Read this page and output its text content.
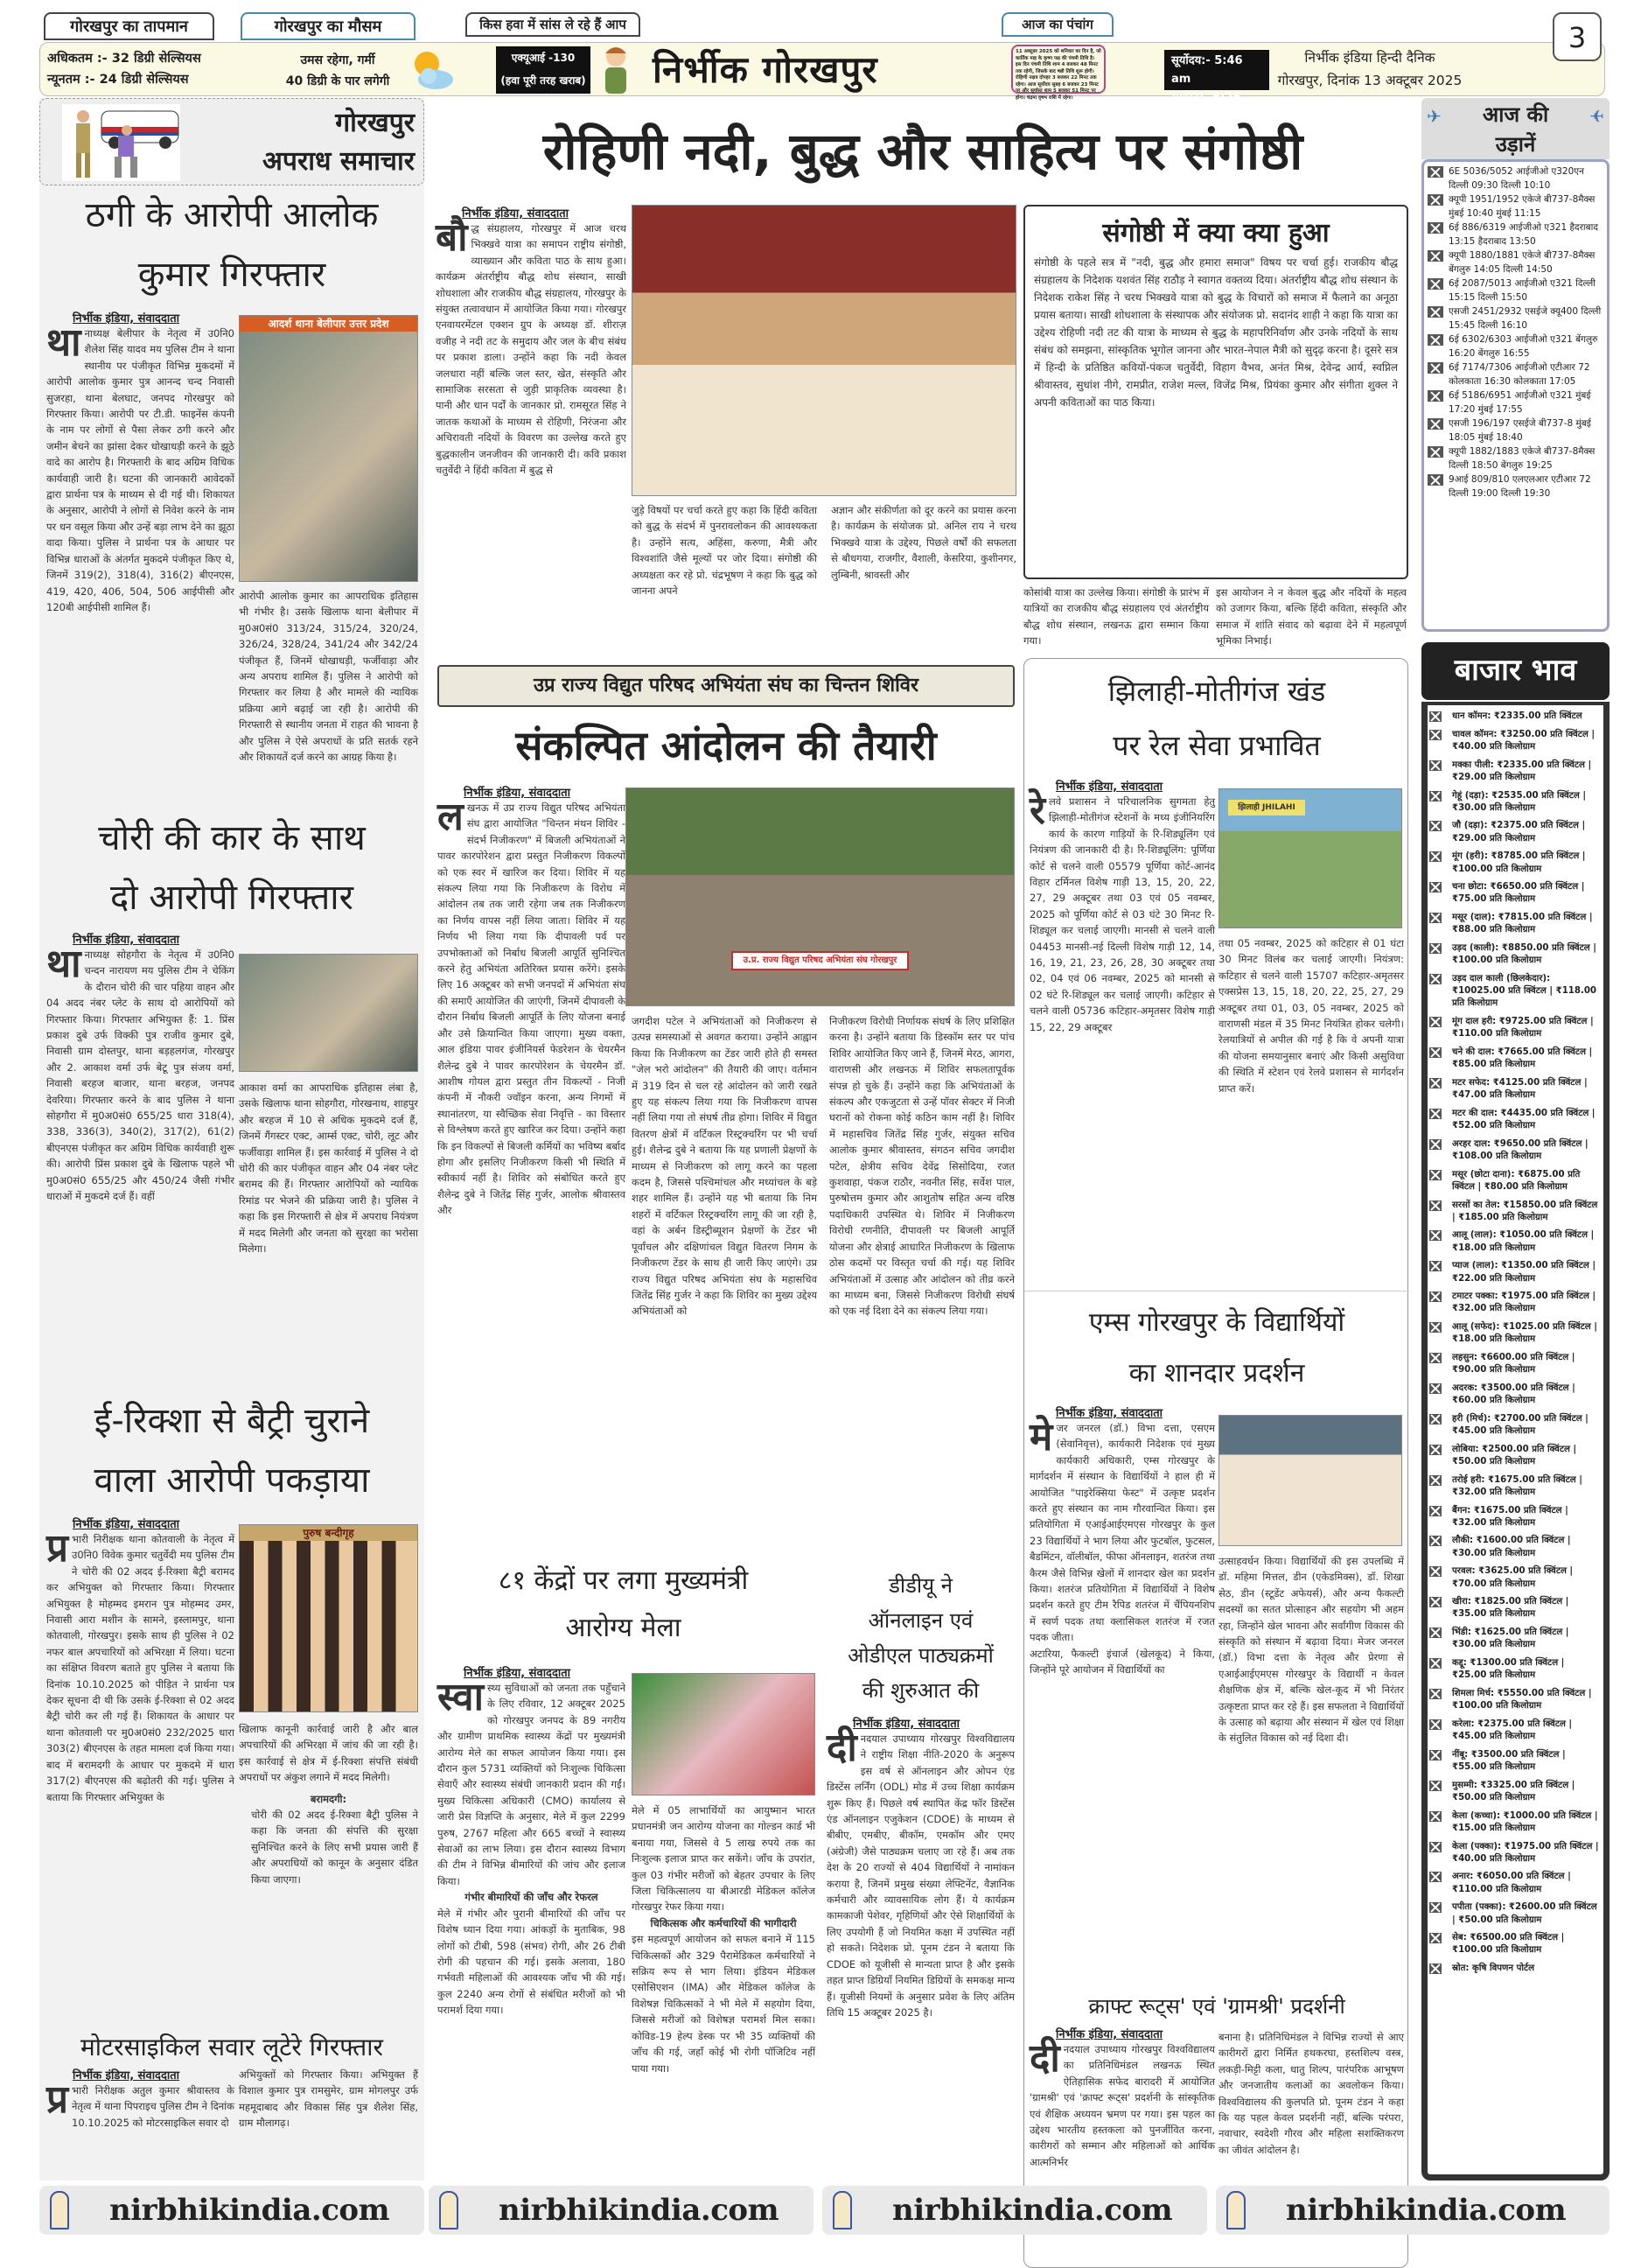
गोरखपुर का तापमान	गोरखपुर का मौसम	किस हवा में सांस ले रहे हैं आप	आज का पंचांग
अधिकतम :- 32 डिग्री सेल्सियस
न्यूनतम :- 24 डिग्री सेल्सियस
उमस रहेगा, गर्मी
40 डिग्री के पार लगेगी
एक्यूआई -130
(हवा पूरी तरह खराब) निर्भीक गोरखपुर	11 अक्टूबर 2025 को शनिवार का दिन है, जो कार्तिक माह के कृष्ण पक्ष की पंचमी तिथि है। इस दिन पंचमी तिथि शाम 4 बजकर 48 मिनट तक रहेगी, जिसके बाद षष्ठी तिथि शुरू होगी। रोहिणी नक्षत्र दोपहर 3 बजकर 22 मिनट तक रहेगा। आज सूर्योदय सुबह 6 बजकर 23 मिनट पर और सूर्यास्त शाम 5 बजकर 51 मिनट पर होगा। चंद्रमा वृषभ राशि में रहेगा।
सूर्योदय:- 5:46 am
सूर्यास्त:- 6:26 pm
निर्भीक इंडिया हिन्दी दैनिक
गोरखपुर, दिनांक 13 अक्टूबर 2025
3
गोरखपुर
अपराध समाचार
ठगी के आरोपी आलोक
कुमार गिरफ्तार
निर्भीक इंडिया, संवाददाता
थानाध्यक्ष बेलीपार के नेतृत्व में उ0नि0 शैलेश सिंह यादव मय पुलिस टीम ने थाना स्थानीय पर पंजीकृत विभिन्न मुकदमों में आरोपी आलोक कुमार पुत्र आनन्द चन्द निवासी सुजरहा, थाना बेलघाट, जनपद गोरखपुर को गिरफ्तार किया। आरोपी पर टी.डी. फाइनेंस कंपनी के नाम पर लोगों से पैसा लेकर ठगी करने और जमीन बेचने का झांसा देकर धोखाधड़ी करने के झूठे वादे का आरोप है। गिरफ्तारी के बाद अग्रिम विधिक कार्यवाही जारी है। घटना की जानकारी आवेदकों द्वारा प्रार्थना पत्र के माध्यम से दी गई थी। शिकायत के अनुसार, आरोपी ने लोगों से निवेश करने के नाम पर धन वसूल किया और उन्हें बड़ा लाभ देने का झूठा वादा किया। पुलिस ने प्रार्थना पत्र के आधार पर विभिन्न धाराओं के अंतर्गत मुकदमे पंजीकृत किए थे, जिनमें 319(2), 318(4), 316(2) बीएनएस, 419, 420, 406, 504, 506 आईपीसी और 120बी आईपीसी शामिल हैं।
आदर्श थाना बेलीपार उत्तर प्रदेश
आरोपी आलोक कुमार का आपराधिक इतिहास भी गंभीर है। उसके खिलाफ थाना बेलीपार में मु0अ0सं0 313/24, 315/24, 320/24, 326/24, 328/24, 341/24 और 342/24 पंजीकृत हैं, जिनमें धोखाधड़ी, फर्जीवाड़ा और अन्य अपराध शामिल हैं। पुलिस ने आरोपी को गिरफ्तार कर लिया है और मामले की न्यायिक प्रक्रिया आगे बढ़ाई जा रही है। आरोपी की गिरफ्तारी से स्थानीय जनता में राहत की भावना है और पुलिस ने ऐसे अपराधों के प्रति सतर्क रहने और शिकायतें दर्ज करने का आग्रह किया है।
चोरी की कार के साथ
दो आरोपी गिरफ्तार
निर्भीक इंडिया, संवाददाता
थानाध्यक्ष सोहगौरा के नेतृत्व में उ0नि0 चन्दन नारायण मय पुलिस टीम ने चेकिंग के दौरान चोरी की चार पहिया वाहन और 04 अदद नंबर प्लेट के साथ दो आरोपियों को गिरफ्तार किया। गिरफ्तार अभियुक्त हैं: 1. प्रिंस प्रकाश दुबे उर्फ विक्की पुत्र राजीव कुमार दुबे, निवासी ग्राम दोस्तपुर, थाना बड़हलगंज, गोरखपुर और 2. आकाश वर्मा उर्फ बेटू पुत्र संजय वर्मा, निवासी बरहज बाजार, थाना बरहज, जनपद देवरिया। गिरफ्तार करने के बाद पुलिस ने थाना सोहगौरा में मु0अ0सं0 655/25 धारा 318(4), 338, 336(3), 340(2), 317(2), 61(2) बीएनएस पंजीकृत कर अग्रिम विधिक कार्यवाही शुरू की। आरोपी प्रिंस प्रकाश दुबे के खिलाफ पहले भी मु0अ0सं0 655/25 और 450/24 जैसी गंभीर धाराओं में मुकदमे दर्ज हैं। वहीं
आकाश वर्मा का आपराधिक इतिहास लंबा है, उसके खिलाफ थाना सोहगौरा, गोरखनाथ, शाहपुर और बरहज में 10 से अधिक मुकदमे दर्ज हैं, जिनमें गैंगस्टर एक्ट, आर्म्स एक्ट, चोरी, लूट और फर्जीवाड़ा शामिल हैं। इस कार्रवाई में पुलिस ने दो चोरी की कार पंजीकृत वाहन और 04 नंबर प्लेट बरामद की हैं। गिरफ्तार आरोपियों को न्यायिक रिमांड पर भेजने की प्रक्रिया जारी है। पुलिस ने कहा कि इस गिरफ्तारी से क्षेत्र में अपराध नियंत्रण में मदद मिलेगी और जनता को सुरक्षा का भरोसा मिलेगा।
ई-रिक्शा से बैट्री चुराने
वाला आरोपी पकड़ाया
निर्भीक इंडिया, संवाददाता
प्र भारी निरीक्षक थाना कोतवाली के नेतृत्व में उ0नि0 विवेक कुमार चतुर्वेदी मय पुलिस टीम ने चोरी की 02 अदद ई-रिक्शा बैट्री बरामद कर अभियुक्त को गिरफ्तार किया। गिरफ्तार अभियुक्त है मोहम्मद इमरान पुत्र मोहम्मद उमर, निवासी आरा मशीन के सामने, इस्लामपुर, थाना कोतवाली, गोरखपुर। इसके साथ ही पुलिस ने 02 नफर बाल अपचारियों को अभिरक्षा में लिया। घटना का संक्षिप्त विवरण बताते हुए पुलिस ने बताया कि दिनांक 10.10.2025 को पीड़ित ने प्रार्थना पत्र देकर सूचना दी थी कि उसके ई-रिक्शा से 02 अदद बैट्री चोरी कर ली गई हैं। शिकायत के आधार पर थाना कोतवाली पर मु0अ0सं0 232/2025 धारा 303(2) बीएनएस के तहत मामला दर्ज किया गया। बाद में बरामदगी के आधार पर मुकदमे में धारा 317(2) बीएनएस की बढ़ोतरी की गई। पुलिस ने बताया कि गिरफ्तार अभियुक्त के
पुरुष बन्दीगृह
खिलाफ कानूनी कार्रवाई जारी है और बाल अपचारियों की अभिरक्षा में जांच की जा रही है। इस कार्रवाई से क्षेत्र में ई-रिक्शा संपत्ति संबंधी अपराधों पर अंकुश लगाने में मदद मिलेगी।
बरामदगी:
चोरी की 02 अदद ई-रिक्शा बैट्री पुलिस ने कहा कि जनता की संपत्ति की सुरक्षा सुनिश्चित करने के लिए सभी प्रयास जारी हैं और अपराधियों को कानून के अनुसार दंडित किया जाएगा।
मोटरसाइकिल सवार लूटेरे गिरफ्तार
निर्भीक इंडिया, संवाददाता
प्र भारी निरीक्षक अतुल कुमार श्रीवास्तव के नेतृत्व में थाना पिपराइच पुलिस टीम ने दिनांक 10.10.2025 को मोटरसाइकिल सवार दो
अभियुक्तों को गिरफ्तार किया। अभियुक्त हैं विशाल कुमार पुत्र रामसुमेर, ग्राम मोगलपुर उर्फ महमूदाबाद और विकास सिंह पुत्र शैलेश सिंह, ग्राम मौलागढ़।
रोहिणी नदी, बुद्ध और साहित्य पर संगोष्ठी
निर्भीक इंडिया, संवाददाता
बौद्ध संग्रहालय, गोरखपुर में आज चरथ भिक्खवे यात्रा का समापन राष्ट्रीय संगोष्ठी, व्याख्यान और कविता पाठ के साथ हुआ। कार्यक्रम अंतर्राष्ट्रीय बौद्ध शोध संस्थान, साखी शोधशाला और राजकीय बौद्ध संग्रहालय, गोरखपुर के संयुक्त तत्वावधान में आयोजित किया गया। गोरखपुर एनवायरमेंटल एक्शन ग्रुप के अध्यक्ष डॉ. शीराज़ वजीह ने नदी तट के समुदाय और जल के बीच संबंध पर प्रकाश डाला। उन्होंने कहा कि नदी केवल जलधारा नहीं बल्कि जल स्तर, खेत, संस्कृति और सामाजिक सरसता से जुड़ी प्राकृतिक व्यवस्था है। पानी और धान पर्दों के जानकार प्रो. रामसूरत सिंह ने जातक कथाओं के माध्यम से रोहिणी, निरंजना और अचिरावती नदियों के विवरण का उल्लेख करते हुए बुद्धकालीन जनजीवन की जानकारी दी। कवि प्रकाश चतुर्वेदी ने हिंदी कविता में बुद्ध से
जुड़े विषयों पर चर्चा करते हुए कहा कि हिंदी कविता को बुद्ध के संदर्भ में पुनरावलोकन की आवश्यकता है। उन्होंने सत्य, अहिंसा, करुणा, मैत्री और विश्वशांति जैसे मूल्यों पर जोर दिया। संगोष्ठी की अध्यक्षता कर रहे प्रो. चंद्रभूषण ने कहा कि बुद्ध को जानना अपने
अज्ञान और संकीर्णता को दूर करने का प्रयास करना है। कार्यक्रम के संयोजक प्रो. अनिल राय ने चरथ भिक्खवे यात्रा के उद्देश्य, पिछले वर्षों की सफलता से बौधगया, राजगीर, वैशाली, केसरिया, कुशीनगर, लुम्बिनी, श्रावस्ती और
संगोष्ठी में क्या क्या हुआ
संगोष्ठी के पहले सत्र में "नदी, बुद्ध और हमारा समाज" विषय पर चर्चा हुई। राजकीय बौद्ध संग्रहालय के निदेशक यशवंत सिंह राठौड़ ने स्वागत वक्तव्य दिया। अंतर्राष्ट्रीय बौद्ध शोध संस्थान के निदेशक राकेश सिंह ने चरथ भिक्खवे यात्रा को बुद्ध के विचारों को समाज में फैलाने का अनूठा प्रयास बताया। साखी शोधशाला के संस्थापक और संयोजक प्रो. सदानंद शाही ने कहा कि यात्रा का उद्देश्य रोहिणी नदी तट की यात्रा के माध्यम से बुद्ध के महापरिनिर्वाण और उनके नदियों के साथ संबंध को समझना, सांस्कृतिक भूगोल जानना और भारत-नेपाल मैत्री को सुदृढ़ करना है। दूसरे सत्र में हिन्दी के प्रतिष्ठित कवियों-पंकज चतुर्वेदी, विहाग वैभव, अनंत मिश्र, देवेन्द्र आर्य, स्वप्निल श्रीवास्तव, सुधांश नीगे, रामप्रीत, राजेश मल्ल, विजेंद्र मिश्र, प्रियंका कुमार और संगीता शुक्ल ने अपनी कविताओं का पाठ किया।
कोसांबी यात्रा का उल्लेख किया। संगोष्ठी के प्रारंभ में यात्रियों का राजकीय बौद्ध संग्रहालय एवं अंतर्राष्ट्रीय बौद्ध शोध संस्थान, लखनऊ द्वारा सम्मान किया गया।
इस आयोजन ने न केवल बुद्ध और नदियों के महत्व को उजागर किया, बल्कि हिंदी कविता, संस्कृति और समाज में शांति संवाद को बढ़ावा देने में महत्वपूर्ण भूमिका निभाई।
उप्र राज्य विद्युत परिषद अभियंता संघ का चिन्तन शिविर
संकल्पित आंदोलन की तैयारी
निर्भीक इंडिया, संवाददाता
लखनऊ में उप्र राज्य विद्युत परिषद अभियंता संघ द्वारा आयोजित "चिन्तन मंथन शिविर - संदर्भ निजीकरण" में बिजली अभियंताओं ने पावर कारपोरेशन द्वारा प्रस्तुत निजीकरण विकल्पों को एक स्वर में खारिज कर दिया। शिविर में यह संकल्प लिया गया कि निजीकरण के विरोध में आंदोलन तब तक जारी रहेगा जब तक निजीकरण का निर्णय वापस नहीं लिया जाता। शिविर में यह निर्णय भी लिया गया कि दीपावली पर्व पर उपभोक्ताओं को निर्बाध बिजली आपूर्ति सुनिश्चित करने हेतु अभियंता अतिरिक्त प्रयास करेंगे। इसके लिए 16 अक्टूबर को सभी जनपदों में अभियंता संघ की समाएँ आयोजित की जाएंगी, जिनमें दीपावली के दौरान निर्बाध बिजली आपूर्ति के लिए योजना बनाई और उसे क्रियान्वित किया जाएगा। मुख्य वक्ता, आल इंडिया पावर इंजीनियर्स फेडरेशन के चेयरमैन शैलेन्द्र दुबे ने पावर कारपोरेशन के चेयरमैन डॉ. आशीष गोयल द्वारा प्रस्तुत तीन विकल्पों - निजी कंपनी में नौकरी ज्वॉइन करना, अन्य निगमों में स्थानांतरण, या स्वैच्छिक सेवा निवृत्ति - का विस्तार से विश्लेषण करते हुए खारिज कर दिया। उन्होंने कहा कि इन विकल्पों से बिजली कर्मियों का भविष्य बर्बाद होगा और इसलिए निजीकरण किसी भी स्थिति में स्वीकार्य नहीं है। शिविर को संबोधित करते हुए शैलेन्द्र दुबे ने जितेंद्र सिंह गुर्जर, आलोक श्रीवास्तव और
उ.प्र. राज्य विद्युत परिषद अभियंता संघ गोरखपुर
जगदीश पटेल ने अभियंताओं को निजीकरण से उत्पन्न समस्याओं से अवगत कराया। उन्होंने आह्वान किया कि निजीकरण का टेंडर जारी होते ही समस्त "जेल भरो आंदोलन" की तैयारी की जाए। वर्तमान में 319 दिन से चल रहे आंदोलन को जारी रखते हुए यह संकल्प लिया गया कि निजीकरण वापस नहीं लिया गया तो संघर्ष तीव्र होगा। शिविर में विद्युत वितरण क्षेत्रों में वर्टिकल रिस्ट्रक्चरिंग पर भी चर्चा हुई। शैलेन्द्र दुबे ने बताया कि यह प्रणाली प्रेक्षणों के माध्यम से निजीकरण को लागू करने का पहला कदम है, जिससे पश्चिमांचल और मध्यांचल के बड़े शहर शामिल हैं। उन्होंने यह भी बताया कि निम शहरों में वर्टिकल रिस्ट्रक्चरिंग लागू की जा रही है, वहां के अर्बन डिस्ट्रीब्यूशन प्रेक्षणों के टेंडर भी पूर्वांचल और दक्षिणांचल विद्युत वितरण निगम के निजीकरण टेंडर के साथ ही जारी किए जाएंगे। उप्र राज्य विद्युत परिषद अभियंता संघ के महासचिव जितेंद्र सिंह गुर्जर ने कहा कि शिविर का मुख्य उद्देश्य अभियंताओं को
निजीकरण विरोधी निर्णायक संघर्ष के लिए प्रशिक्षित करना है। उन्होंने बताया कि डिस्कॉम स्तर पर पांच शिविर आयोजित किए जाने हैं, जिनमें मेरठ, आगरा, वाराणसी और लखनऊ में शिविर सफलतापूर्वक संपन्न हो चुके हैं। उन्होंने कहा कि अभियंताओं के संकल्प और एकजुटता से उन्हें पॉवर सेक्टर में निजी घरानों को रोकना कोई कठिन काम नहीं है। शिविर में महासचिव जितेंद्र सिंह गुर्जर, संयुक्त सचिव आलोक कुमार श्रीवास्तव, संगठन सचिव जगदीश पटेल, क्षेत्रीय सचिव देवेंद्र सिसोदिया, रजत कुशवाहा, पंकज राठौर, नवनीत सिंह, सर्वेश पाल, पुरुषोत्तम कुमार और आशुतोष सहित अन्य वरिष्ठ पदाधिकारी उपस्थित थे। शिविर में निजीकरण विरोधी रणनीति, दीपावली पर बिजली आपूर्ति योजना और क्षेत्राई आधारित निजीकरण के खिलाफ ठोस कदमों पर विस्तृत चर्चा की गई। यह शिविर अभियंताओं में उत्साह और आंदोलन को तीव्र करने का माध्यम बना, जिससे निजीकरण विरोधी संघर्ष को एक नई दिशा देने का संकल्प लिया गया।
८१ केंद्रों पर लगा मुख्यमंत्री
आरोग्य मेला
निर्भीक इंडिया, संवाददाता
स्वा स्थ्य सुविधाओं को जनता तक पहुँचाने के लिए रविवार, 12 अक्टूबर 2025 को गोरखपुर जनपद के 89 नगरीय और ग्रामीण प्राथमिक स्वास्थ्य केंद्रों पर मुख्यमंत्री आरोग्य मेले का सफल आयोजन किया गया। इस दौरान कुल 5731 व्यक्तियों को निःशुल्क चिकित्सा सेवाएँ और स्वास्थ्य संबंधी जानकारी प्रदान की गईं। मुख्य चिकित्सा अधिकारी (CMO) कार्यालय से जारी प्रेस विज्ञप्ति के अनुसार, मेले में कुल 2299 पुरुष, 2767 महिला और 665 बच्चों ने स्वास्थ्य सेवाओं का लाभ लिया। इस दौरान स्वास्थ्य विभाग की टीम ने विभिन्न बीमारियों की जांच और इलाज किया।
गंभीर बीमारियों की जाँच और रेफरल
मेले में गंभीर और पुरानी बीमारियों की जाँच पर विशेष ध्यान दिया गया। आंकड़ों के मुताबिक, 98 लोगों को टीबी, 598 (संभव) रोगी, और 26 टीबी रोगी की पहचान की गई। इसके अलावा, 180 गर्भवती महिलाओं की आवश्यक जाँच भी की गई। कुल 2240 अन्य रोगों से संबंधित मरीजों को भी परामर्श दिया गया।
मेले में 05 लाभार्थियों का आयुष्मान भारत प्रधानमंत्री जन आरोग्य योजना का गोल्डन कार्ड भी बनाया गया, जिससे वे 5 लाख रुपये तक का निःशुल्क इलाज प्राप्त कर सकेंगे। जाँच के उपरांत, कुल 03 गंभीर मरीजों को बेहतर उपचार के लिए जिला चिकित्सालय या बीआरडी मेडिकल कॉलेज गोरखपुर रेफर किया गया।
चिकित्सक और कर्मचारियों की भागीदारी
इस महत्वपूर्ण आयोजन को सफल बनाने में 115 चिकित्सकों और 329 पैरामेडिकल कर्मचारियों ने सक्रिय रूप से भाग लिया। इंडियन मेडिकल एसोसिएशन (IMA) और मेडिकल कॉलेज के विशेषज्ञ चिकित्सकों ने भी मेले में सहयोग दिया, जिससे मरीजों को विशेषज्ञ परामर्श मिल सका। कोविड-19 हेल्प डेस्क पर भी 35 व्यक्तियों की जाँच की गई, जहाँ कोई भी रोगी पॉजिटिव नहीं पाया गया।
डीडीयू ने
ऑनलाइन एवं
ओडीएल पाठ्यक्रमों
की शुरुआत की
निर्भीक इंडिया, संवाददाता
दीनदयाल उपाध्याय गोरखपुर विश्वविद्यालय ने राष्ट्रीय शिक्षा नीति-2020 के अनुरूप इस वर्ष से ऑनलाइन और ओपन एंड डिस्टेंस लर्निंग (ODL) मोड में उच्च शिक्षा कार्यक्रम शुरू किए हैं। पिछले वर्ष स्थापित केंद्र फॉर डिस्टेंस एंड ऑनलाइन एजुकेशन (CDOE) के माध्यम से बीबीए, एमबीए, बीकॉम, एमकॉम और एमए (अंग्रेजी) जैसे पाठ्यक्रम चलाए जा रहे हैं। अब तक देश के 20 राज्यों से 404 विद्यार्थियों ने नामांकन कराया है, जिनमें प्रमुख संख्या लेफ्टिनेंट, वैज्ञानिक कर्मचारी और व्यावसायिक लोग हैं। ये कार्यक्रम कामकाजी पेशेवर, गृहिणियों और ऐसे शिक्षार्थियों के लिए उपयोगी हैं जो नियमित कक्षा में उपस्थित नहीं हो सकते। निदेशक प्रो. पूनम टंडन ने बताया कि CDOE को यूजीसी से मान्यता प्राप्त है और इसके तहत प्राप्त डिग्रियाँ नियमित डिग्रियों के समकक्ष मान्य हैं। यूजीसी नियमों के अनुसार प्रवेश के लिए अंतिम तिथि 15 अक्टूबर 2025 है।
झिलाही-मोतीगंज खंड
पर रेल सेवा प्रभावित
निर्भीक इंडिया, संवाददाता
रेलवे प्रशासन ने परिचालनिक सुगमता हेतु झिलाही-मोतीगंज स्टेशनों के मध्य इंजीनियरिंग कार्य के कारण गाड़ियों के रि-शिड्यूलिंग एवं नियंत्रण की जानकारी दी है। रि-शिड्यूलिंग: पूर्णिया कोर्ट से चलने वाली 05579 पूर्णिया कोर्ट-आनंद विहार टर्मिनल विशेष गाड़ी 13, 15, 20, 22, 27, 29 अक्टूबर तथा 03 एवं 05 नवम्बर, 2025 को पूर्णिया कोर्ट से 03 घंटे 30 मिनट रि-शिड्यूल कर चलाई जाएगी। मानसी से चलने वाली 04453 मानसी-नई दिल्ली विशेष गाड़ी 12, 14, 16, 19, 21, 23, 26, 28, 30 अक्टूबर तथा 02, 04 एवं 06 नवम्बर, 2025 को मानसी से 02 घंटे रि-शिड्यूल कर चलाई जाएगी। कटिहार से चलने वाली 05736 कटिहार-अमृतसर विशेष गाड़ी 15, 22, 29 अक्टूबर
झिलाही JHILAHI
तथा 05 नवम्बर, 2025 को कटिहार से 01 घंटा 30 मिनट विलंब कर चलाई जाएगी। नियंत्रण: कटिहार से चलने वाली 15707 कटिहार-अमृतसर एक्सप्रेस 13, 15, 18, 20, 22, 25, 27, 29 अक्टूबर तथा 01, 03, 05 नवम्बर, 2025 को वाराणसी मंडल में 35 मिनट नियंत्रित होकर चलेगी। रेलयात्रियों से अपील की गई है कि वे अपनी यात्रा की योजना समयानुसार बनाएं और किसी असुविधा की स्थिति में स्टेशन एवं रेलवे प्रशासन से मार्गदर्शन प्राप्त करें।
एम्स गोरखपुर के विद्यार्थियों
का शानदार प्रदर्शन
निर्भीक इंडिया, संवाददाता
मेजर जनरल (डॉ.) विभा दत्ता, एसएम (सेवानिवृत्त), कार्यकारी निदेशक एवं मुख्य कार्यकारी अधिकारी, एम्स गोरखपुर के मार्गदर्शन में संस्थान के विद्यार्थियों ने हाल ही में आयोजित "पाइरेक्सिया फेस्ट" में उत्कृष्ट प्रदर्शन करते हुए संस्थान का नाम गौरवान्वित किया। इस प्रतियोगिता में एआईआईएमएस गोरखपुर के कुल 23 विद्यार्थियों ने भाग लिया और फुटबॉल, फुटसल, बैडमिंटन, वॉलीबॉल, फीफा ऑनलाइन, शतरंज तथा कैरम जैसे विभिन्न खेलों में शानदार खेल का प्रदर्शन किया। शतरंज प्रतियोगिता में विद्यार्थियों ने विशेष प्रदर्शन करते हुए टीम रैपिड शतरंज में चैंपियनशिप में स्वर्ण पदक तथा क्लासिकल शतरंज में रजत पदक जीता।
अटारिया, फैकल्टी इंचार्ज (खेलकूद) ने किया, जिन्होंने पूरे आयोजन में विद्यार्थियों का
उत्साहवर्धन किया। विद्यार्थियों की इस उपलब्धि में डॉ. महिमा मित्तल, डीन (एकेडमिक्स), डॉ. शिखा सेठ, डीन (स्टूडेंट अफेयर्स), और अन्य फैकल्टी सदस्यों का सतत प्रोत्साहन और सहयोग भी अहम रहा, जिन्होंने खेल भावना और सर्वांगीण विकास की संस्कृति को संस्थान में बढ़ावा दिया। मेजर जनरल (डॉ.) विभा दत्ता के नेतृत्व और प्रेरणा से एआईआईएमएस गोरखपुर के विद्यार्थी न केवल शैक्षणिक क्षेत्र में, बल्कि खेल-कूद में भी निरंतर उत्कृष्टता प्राप्त कर रहे हैं। इस सफलता ने विद्यार्थियों के उत्साह को बढ़ाया और संस्थान में खेल एवं शिक्षा के संतुलित विकास को नई दिशा दी।
क्राफ्ट रूट्स' एवं 'ग्रामश्री' प्रदर्शनी
निर्भीक इंडिया, संवाददाता
दीनदयाल उपाध्याय गोरखपुर विश्वविद्यालय का प्रतिनिधिमंडल लखनऊ स्थित ऐतिहासिक सफेद बारादरी में आयोजित 'ग्रामश्री' एवं 'क्राफ्ट रूट्स' प्रदर्शनी के सांस्कृतिक एवं शैक्षिक अध्ययन भ्रमण पर गया। इस पहल का उद्देश्य भारतीय हस्तकला को पुनर्जीवित करना, कारीगरों को सम्मान और महिलाओं को आर्थिक आत्मनिर्भर
बनाना है। प्रतिनिधिमंडल ने विभिन्न राज्यों से आए कारीगरों द्वारा निर्मित हथकरघा, हस्तशिल्प वस्त्र, लकड़ी-मिट्टी कला, धातु शिल्प, पारंपरिक आभूषण और जनजातीय कलाओं का अवलोकन किया। विश्वविद्यालय की कुलपति प्रो. पूनम टंडन ने कहा कि यह पहल केवल प्रदर्शनी नहीं, बल्कि परंपरा, नवाचार, स्वदेशी गौरव और महिला सशक्तिकरण का जीवंत आंदोलन है।
✈	✈
आज की
उड़ानें
6E 5036/5052 आईजीओ ए320एन दिल्ली 09:30 दिल्ली 10:10
क्यूपी 1951/1952 एकेजे बी737-8मैक्स मुंबई 10:40 मुंबई 11:15
6ई 886/6319 आईजीओ ए321 हैदराबाद 13:15 हैदराबाद 13:50
क्यूपी 1880/1881 एकेजे बी737-8मैक्स बेंगलुरु 14:05 दिल्ली 14:50
6ई 2087/5013 आईजीओ ए321 दिल्ली 15:15 दिल्ली 15:50
एसजी 2451/2932 एसईजे क्यू400 दिल्ली 15:45 दिल्ली 16:10
6ई 6302/6303 आईजीओ ए321 बेंगलुरु 16:20 बेंगलुरु 16:55
6ई 7174/7306 आईजीओ एटीआर 72 कोलकाता 16:30 कोलकाता 17:05
6ई 5186/6951 आईजीओ ए321 मुंबई 17:20 मुंबई 17:55
एसजी 196/197 एसईजे बी737-8 मुंबई 18:05 मुंबई 18:40
क्यूपी 1882/1883 एकेजे बी737-8मैक्स दिल्ली 18:50 बेंगलुरु 19:25
9आई 809/810 एलएलआर एटीआर 72 दिल्ली 19:00 दिल्ली 19:30
बाजार भाव
धान कॉमन: ₹2335.00 प्रति क्विंटल
चावल कॉमन: ₹3250.00 प्रति क्विंटल | ₹40.00 प्रति किलोग्राम
मक्का पीली: ₹2335.00 प्रति क्विंटल | ₹29.00 प्रति किलोग्राम
गेहूं (दड़ा): ₹2535.00 प्रति क्विंटल | ₹30.00 प्रति किलोग्राम
जौ (दड़ा): ₹2375.00 प्रति क्विंटल | ₹29.00 प्रति किलोग्राम
मूंग (हरी): ₹8785.00 प्रति क्विंटल | ₹100.00 प्रति किलोग्राम
चना छोटा: ₹6650.00 प्रति क्विंटल | ₹75.00 प्रति किलोग्राम
मसूर (दाल): ₹7815.00 प्रति क्विंटल | ₹88.00 प्रति किलोग्राम
उड़द (काली): ₹8850.00 प्रति क्विंटल | ₹100.00 प्रति किलोग्राम
उड़द दाल काली (छिलकेदार): ₹10025.00 प्रति क्विंटल | ₹118.00 प्रति किलोग्राम
मूंग दाल हरी: ₹9725.00 प्रति क्विंटल | ₹110.00 प्रति किलोग्राम
चने की दाल: ₹7665.00 प्रति क्विंटल | ₹85.00 प्रति किलोग्राम
मटर सफेद: ₹4125.00 प्रति क्विंटल | ₹47.00 प्रति किलोग्राम
मटर की दाल: ₹4435.00 प्रति क्विंटल | ₹52.00 प्रति किलोग्राम
अरहर दाल: ₹9650.00 प्रति क्विंटल | ₹108.00 प्रति किलोग्राम
मसूर (छोटा दाना): ₹6875.00 प्रति क्विंटल | ₹80.00 प्रति किलोग्राम
सरसों का तेल: ₹15850.00 प्रति क्विंटल | ₹185.00 प्रति किलोग्राम
आलू (लाल): ₹1050.00 प्रति क्विंटल | ₹18.00 प्रति किलोग्राम
प्याज (लाल): ₹1350.00 प्रति क्विंटल | ₹22.00 प्रति किलोग्राम
टमाटर पक्का: ₹1975.00 प्रति क्विंटल | ₹32.00 प्रति किलोग्राम
आलू (सफेद): ₹1025.00 प्रति क्विंटल | ₹18.00 प्रति किलोग्राम
लहसुन: ₹6600.00 प्रति क्विंटल | ₹90.00 प्रति किलोग्राम
अदरक: ₹3500.00 प्रति क्विंटल | ₹60.00 प्रति किलोग्राम
हरी (मिर्च): ₹2700.00 प्रति क्विंटल | ₹45.00 प्रति किलोग्राम
लोबिया: ₹2500.00 प्रति क्विंटल | ₹50.00 प्रति किलोग्राम
तरोई हरी: ₹1675.00 प्रति क्विंटल | ₹32.00 प्रति किलोग्राम
बैंगन: ₹1675.00 प्रति क्विंटल | ₹32.00 प्रति किलोग्राम
लौकी: ₹1600.00 प्रति क्विंटल | ₹30.00 प्रति किलोग्राम
परवल: ₹3625.00 प्रति क्विंटल | ₹70.00 प्रति किलोग्राम
खीरा: ₹1825.00 प्रति क्विंटल | ₹35.00 प्रति किलोग्राम
भिंडी: ₹1625.00 प्रति क्विंटल | ₹30.00 प्रति किलोग्राम
कद्दू: ₹1300.00 प्रति क्विंटल | ₹25.00 प्रति किलोग्राम
शिमला मिर्च: ₹5550.00 प्रति क्विंटल | ₹100.00 प्रति किलोग्राम
करेला: ₹2375.00 प्रति क्विंटल | ₹45.00 प्रति किलोग्राम
नींबू: ₹3500.00 प्रति क्विंटल | ₹55.00 प्रति किलोग्राम
मुसम्मी: ₹3325.00 प्रति क्विंटल | ₹50.00 प्रति किलोग्राम
केला (कच्चा): ₹1000.00 प्रति क्विंटल | ₹15.00 प्रति किलोग्राम
केला (पक्का): ₹1975.00 प्रति क्विंटल | ₹40.00 प्रति किलोग्राम
अनार: ₹6050.00 प्रति क्विंटल | ₹110.00 प्रति किलोग्राम
पपीता (पक्का): ₹2600.00 प्रति क्विंटल | ₹50.00 प्रति किलोग्राम
सेब: ₹6500.00 प्रति क्विंटल | ₹100.00 प्रति किलोग्राम
स्रोत: कृषि विपणन पोर्टल
nirbhikindia.com	nirbhikindia.com	nirbhikindia.com	nirbhikindia.com
